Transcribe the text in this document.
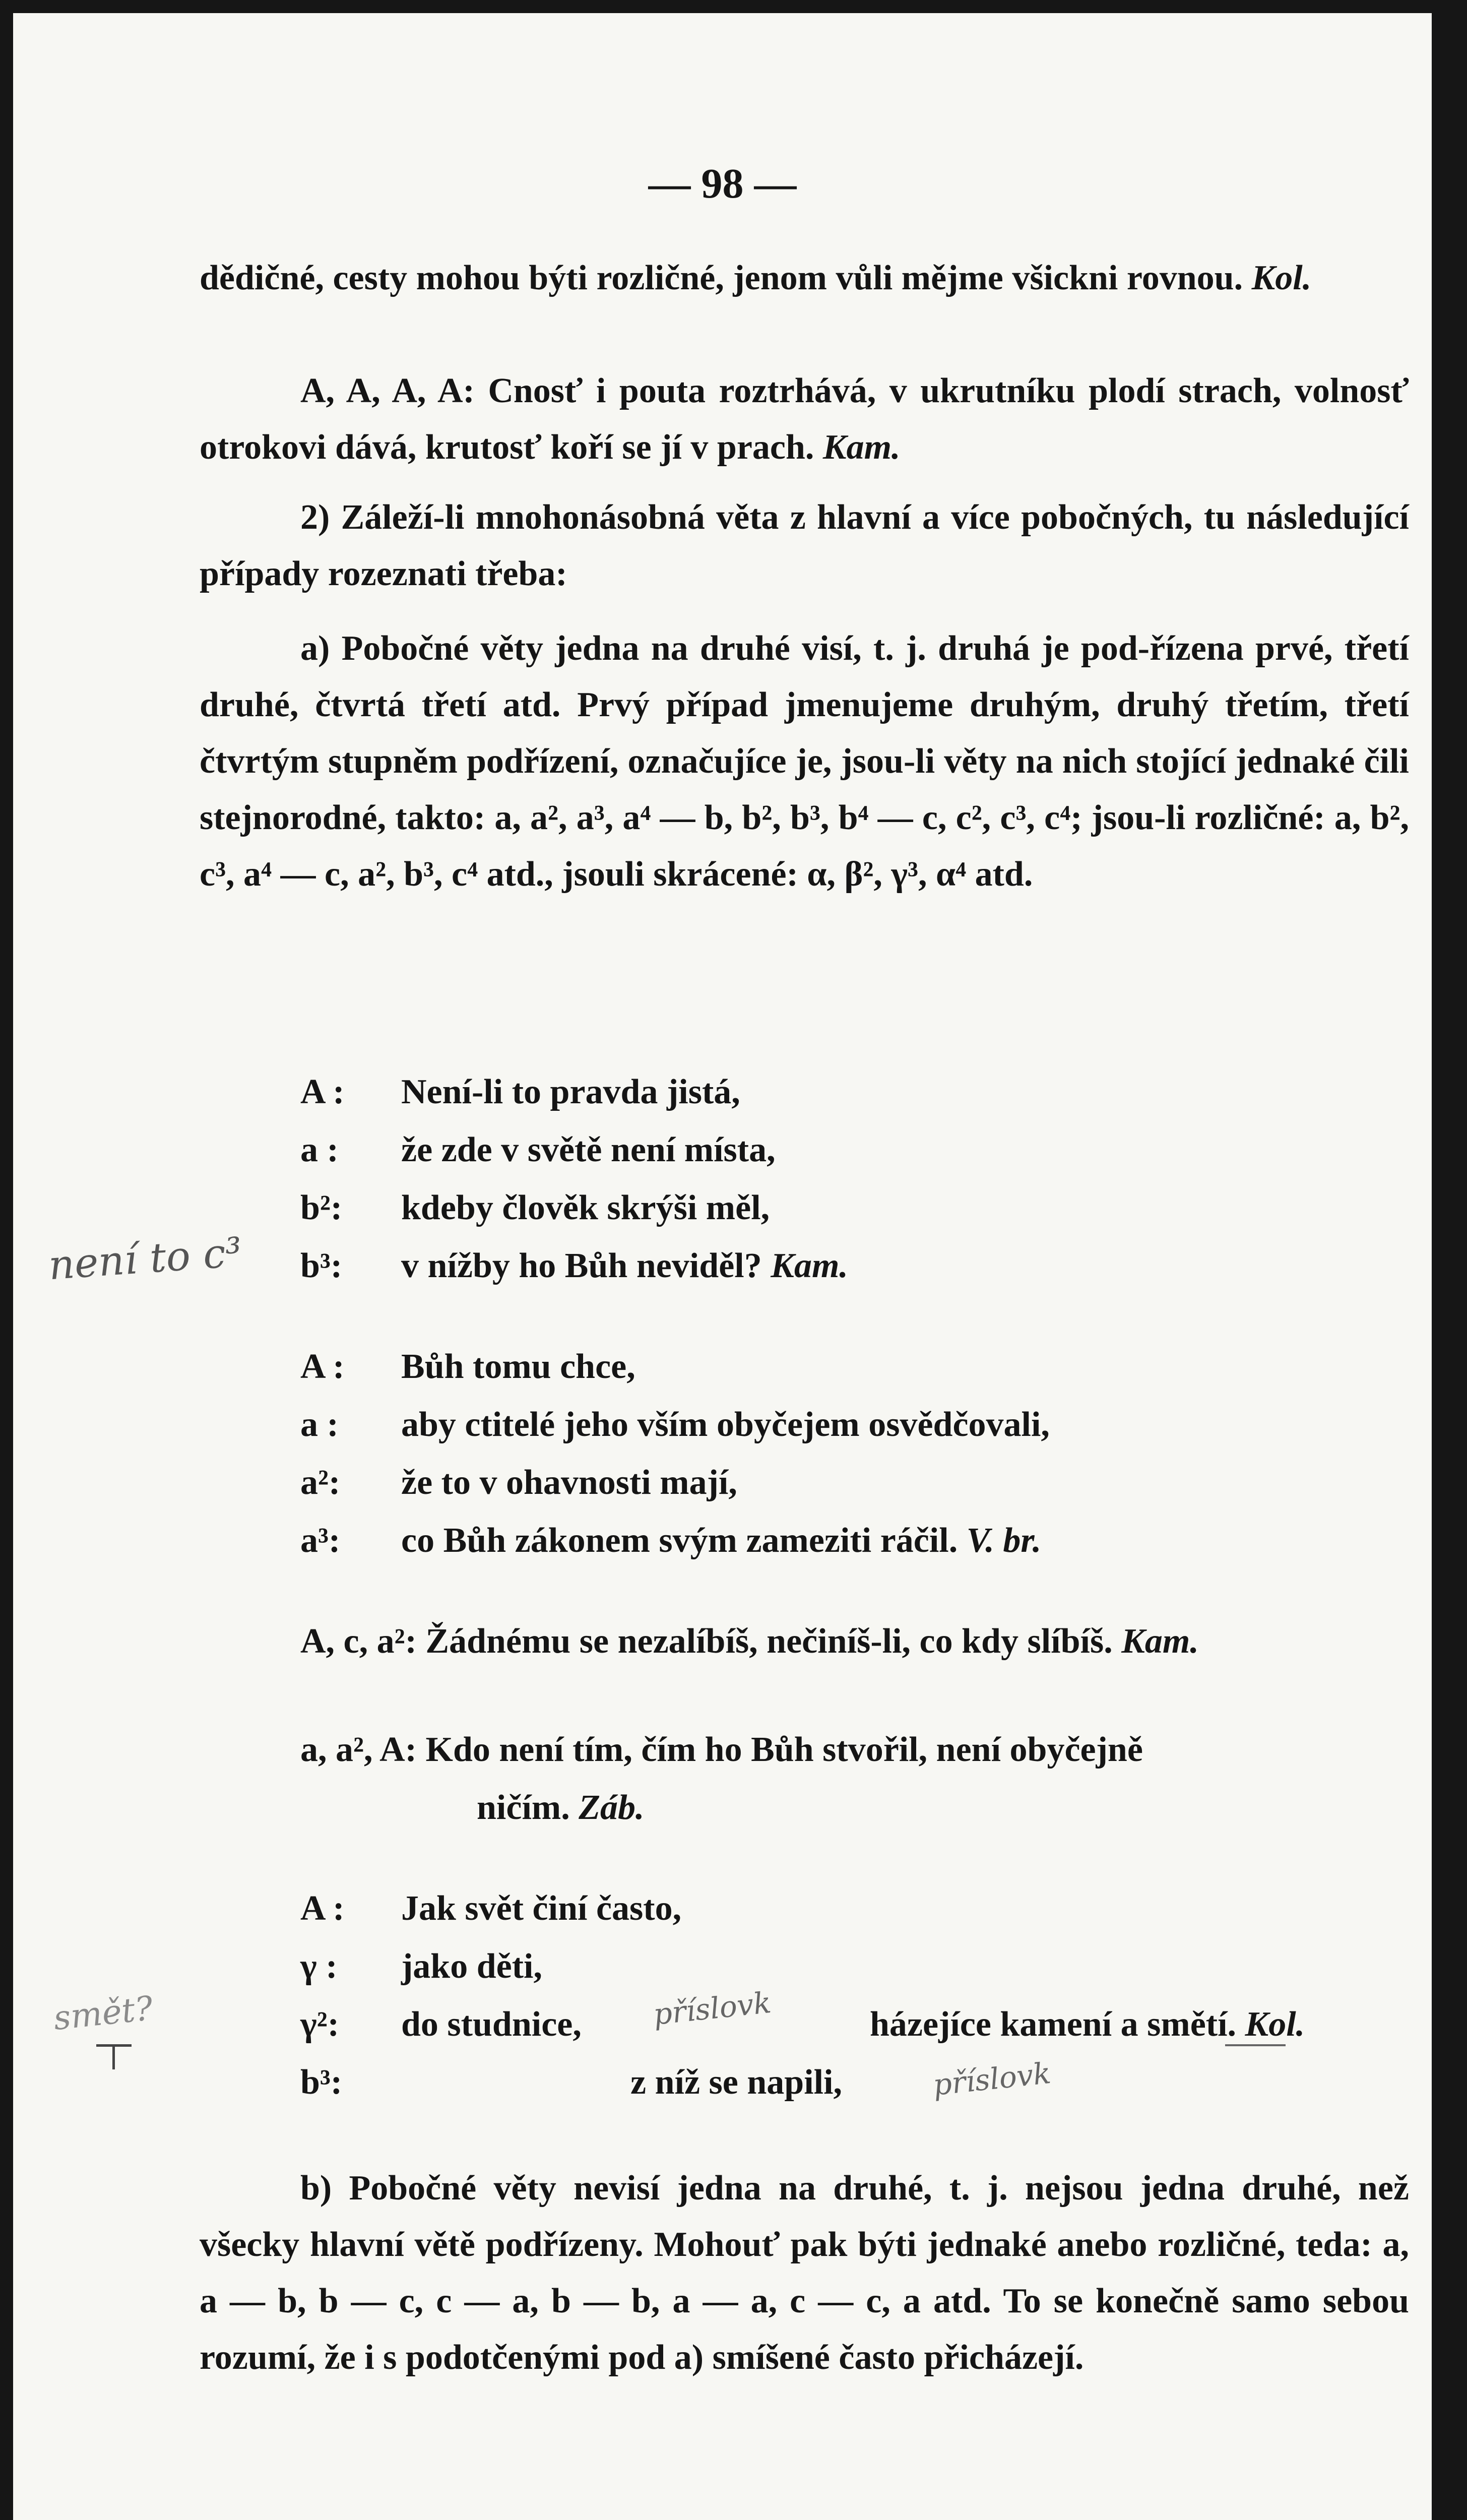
— 98 —
dědičné, cesty mohou býti rozličné, jenom vůli mějme všickni rovnou. Kol.
A, A, A, A: Cnosť i pouta roztrhává, v ukrutníku plodí strach, volnosť otrokovi dává, krutosť koří se jí v prach. Kam.
2) Záleží-li mnohonásobná věta z hlavní a více pobočných, tu následující případy rozeznati třeba:
a) Pobočné věty jedna na druhé visí, t. j. druhá je pod-řízena prvé, třetí druhé, čtvrtá třetí atd. Prvý případ jmenujeme druhým, druhý třetím, třetí čtvrtým stupněm podřízení, označujíce je, jsou-li věty na nich stojící jednaké čili stejnorodné, takto: a, a², a³, a⁴ — b, b², b³, b⁴ — c, c², c³, c⁴; jsou-li rozličné: a, b², c³, a⁴ — c, a², b³, c⁴ atd., jsouli skrácené: α, β², γ³, α⁴ atd.
A : Není-li to pravda jistá,
a : že zde v světě není místa,
b²: kdeby člověk skrýši měl,
b³: v nížby ho Bůh neviděl? Kam.
A : Bůh tomu chce,
a : aby ctitelé jeho vším obyčejem osvědčovali,
a²: že to v ohavnosti mají,
a³: co Bůh zákonem svým zameziti ráčil. V. br.
A, c, a²: Žádnému se nezalíbíš, nečiníš-li, co kdy slíbíš. Kam.
a, a², A: Kdo není tím, čím ho Bůh stvořil, není obyčejně
ničím. Záb.
A : Jak svět činí často,
γ : jako děti,
γ²: do studnice,	házejíce kamení a smětí. Kol.
b³:	z níž se napili,
b) Pobočné věty nevisí jedna na druhé, t. j. nejsou jedna druhé, než všecky hlavní větě podřízeny. Mohouť pak býti jednaké anebo rozličné, teda: a, a — b, b — c, c — a, b — b, a — a, c — c, a atd. To se konečně samo sebou rozumí, že i s podotčenými pod a) smíšené často přicházejí.
není to c³
smět?	příslovk
příslovk
